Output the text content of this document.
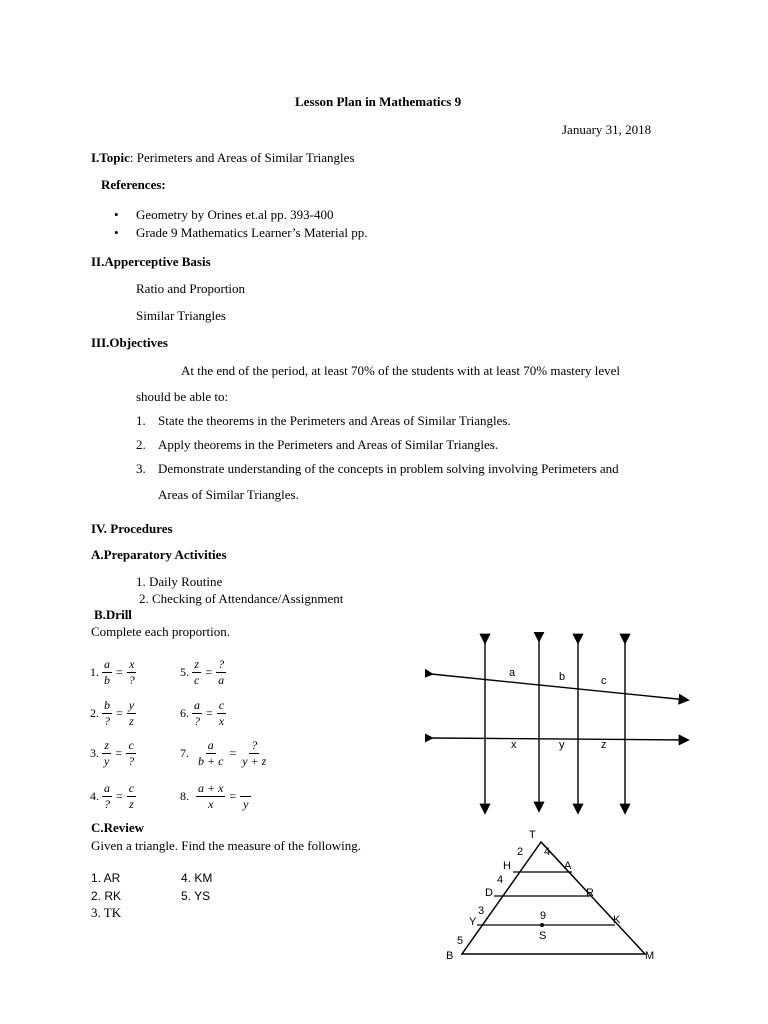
Lesson Plan in Mathematics 9
January 31, 2018
I.Topic: Perimeters and Areas of Similar Triangles
References:
• Geometry by Orines et.al pp. 393-400
• Grade 9 Mathematics Learner’s Material pp.
II.Apperceptive Basis
Ratio and Proportion
Similar Triangles
III.Objectives
At the end of the period, at least 70% of the students with at least 70% mastery level
should be able to:
1. State the theorems in the Perimeters and Areas of Similar Triangles.
2. Apply theorems in the Perimeters and Areas of Similar Triangles.
3. Demonstrate understanding of the concepts in problem solving involving Perimeters and
Areas of Similar Triangles.
IV. Procedures
A.Preparatory Activities
1. Daily Routine
2. Checking of Attendance/Assignment
B.Drill
Complete each proportion.
1. $\frac{a}{b} = \frac{x}{?}$
2. $\frac{b}{?} = \frac{y}{z}$
3. $\frac{z}{y} = \frac{c}{?}$
4. $\frac{a}{?} = \frac{c}{z}$
5. $\frac{z}{c} = \frac{?}{a}$
6. $\frac{a}{?} = \frac{c}{x}$
7. $\frac{a}{b + c} = \frac{?}{y + z}$
8. $\frac{a + x}{x}$ =

y
a	b	c
x	y	z
C.Review
Given a triangle. Find the measure of the following.
1. AR
2. RK
3. TK
4. KM
5. YS
T
H	A
D	R
Y	K
B	M
S
2 4
4
3	9
5
